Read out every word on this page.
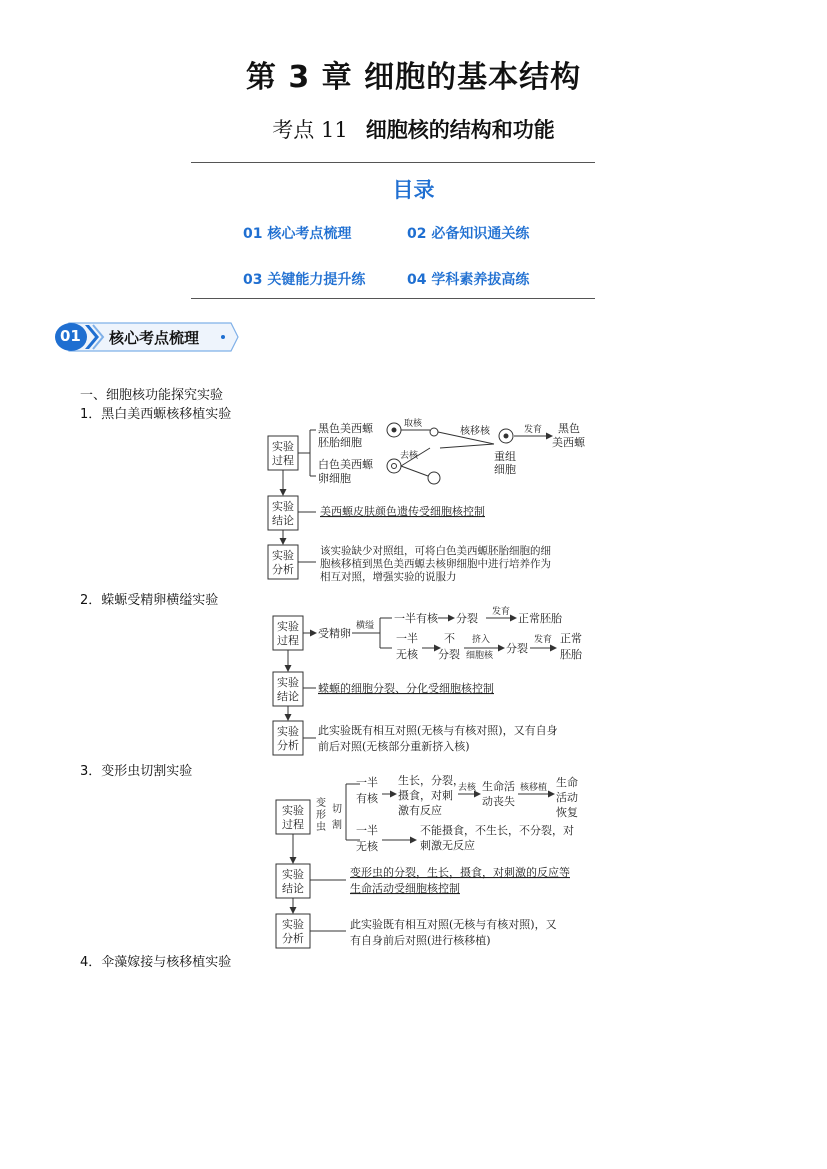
第 3 章 细胞的基本结构
考点 11 细胞核的结构和功能
目录
01 核心考点梳理	02 必备知识通关练
03 关键能力提升练	04 学科素养拔高练
01 核心考点梳理
一、细胞核功能探究实验
1．黑白美西螈核移植实验
2．蝾螈受精卵横缢实验
3．变形虫切割实验
4．伞藻嫁接与核移植实验
实验
过程
实验
结论
实验
分析
黑色美西螈
胚胎细胞
白色美西螈
卵细胞
取核
去核
核移核
重组
细胞
发育 黑色
美西螈
美西螈皮肤颜色遗传受细胞核控制
该实验缺少对照组，可将白色美西螈胚胎细胞的细
胞核移植到黑色美西螈去核卵细胞中进行培养作为
相互对照，增强实验的说服力
实验
过程
实验
结论
实验
分析
受精卵
横缢
一半有核 分裂 发育 正常胚胎
一半
无核
不
分裂
挤入
细胞核
分裂
发育 正常
胚胎
蝾螈的细胞分裂、分化受细胞核控制
此实验既有相互对照(无核与有核对照)，又有自身
前后对照(无核部分重新挤入核)
实验
过程
实验
结论
实验
分析
变
形
虫
切
割
一半
有核
生长，分裂，
摄食，对刺
激有反应
去核 生命活
动丧失
核移植 生命
活动
恢复
一半
无核
不能摄食，不生长，不分裂，对
刺激无反应
变形虫的分裂，生长，摄食，对刺激的反应等
生命活动受细胞核控制
此实验既有相互对照(无核与有核对照)，又
有自身前后对照(进行核移植)
